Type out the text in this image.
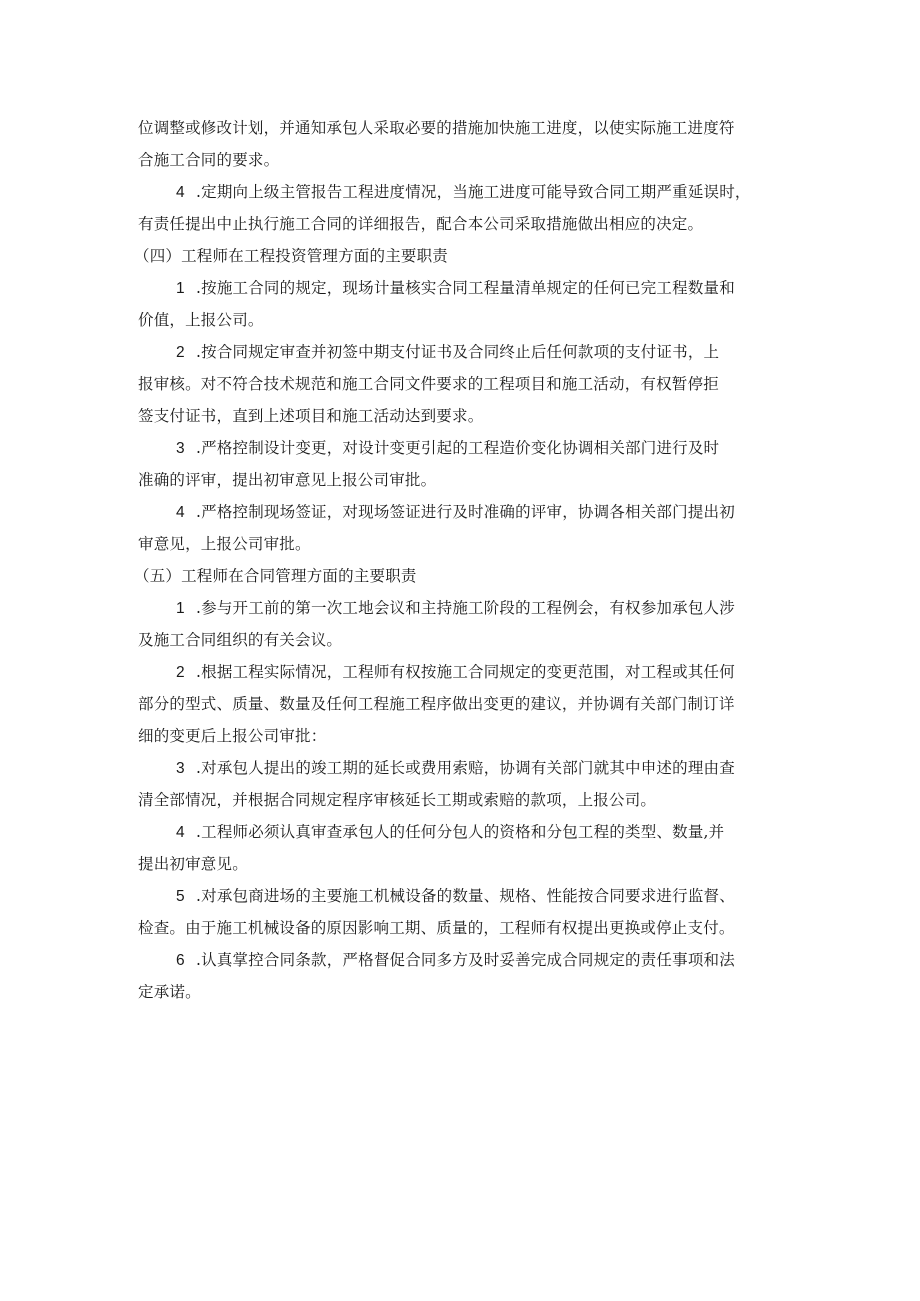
位调整或修改计划，并通知承包人采取必要的措施加快施工进度，以使实际施工进度符
合施工合同的要求。
4 .定期向上级主管报告工程进度情况，当施工进度可能导致合同工期严重延误时，
有责任提出中止执行施工合同的详细报告，配合本公司采取措施做出相应的决定。
（四）工程师在工程投资管理方面的主要职责
1 .按施工合同的规定，现场计量核实合同工程量清单规定的任何已完工程数量和
价值，上报公司。
2 .按合同规定审查并初签中期支付证书及合同终止后任何款项的支付证书，上
报审核。对不符合技术规范和施工合同文件要求的工程项目和施工活动，有权暂停拒
签支付证书，直到上述项目和施工活动达到要求。
3 .严格控制设计变更，对设计变更引起的工程造价变化协调相关部门进行及时
准确的评审，提出初审意见上报公司审批。
4 .严格控制现场签证，对现场签证进行及时准确的评审，协调各相关部门提出初
审意见，上报公司审批。
（五）工程师在合同管理方面的主要职责
1 .参与开工前的第一次工地会议和主持施工阶段的工程例会，有权参加承包人涉
及施工合同组织的有关会议。
2 .根据工程实际情况，工程师有权按施工合同规定的变更范围，对工程或其任何
部分的型式、质量、数量及任何工程施工程序做出变更的建议，并协调有关部门制订详
细的变更后上报公司审批：
3 .对承包人提出的竣工期的延长或费用索赔，协调有关部门就其中申述的理由查
清全部情况，并根据合同规定程序审核延长工期或索赔的款项，上报公司。
4 .工程师必须认真审查承包人的任何分包人的资格和分包工程的类型、数量,并
提出初审意见。
5 .对承包商进场的主要施工机械设备的数量、规格、性能按合同要求进行监督、
检查。由于施工机械设备的原因影响工期、质量的，工程师有权提出更换或停止支付。
6 .认真掌控合同条款，严格督促合同多方及时妥善完成合同规定的责任事项和法
定承诺。
